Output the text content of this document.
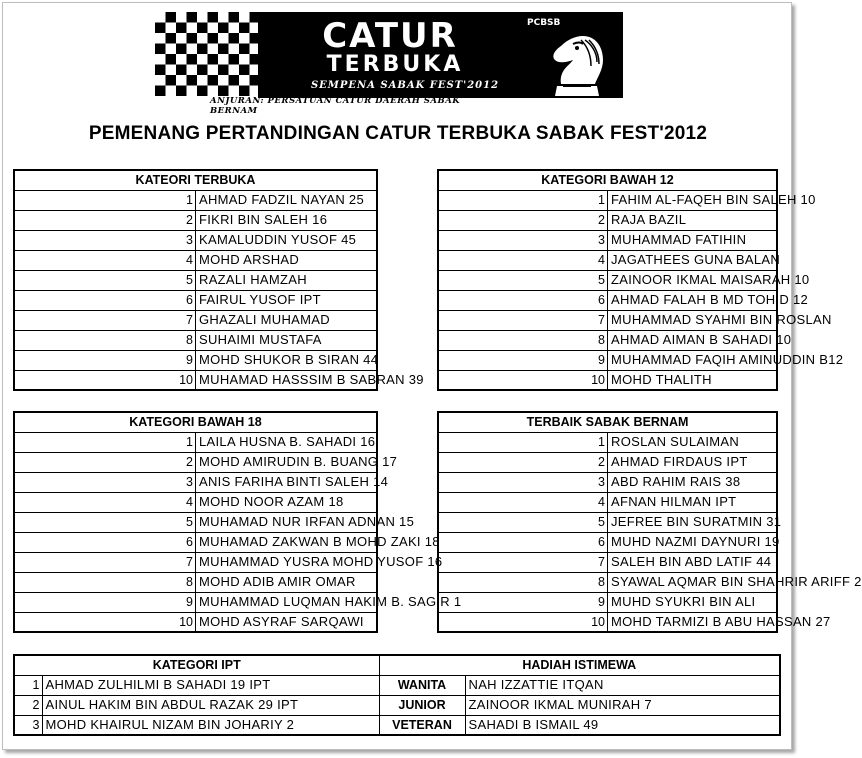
CATUR
TERBUKA
SEMPENA SABAK FEST'2012
PCBSB
ANJURAN: PERSATUAN CATUR DAERAH SABAK BERNAM
PEMENANG PERTANDINGAN CATUR TERBUKA SABAK FEST'2012
KATEORI TERBUKA	
1	AHMAD FADZIL NAYAN 25
2	FIKRI BIN SALEH 16
3	KAMALUDDIN YUSOF 45
4	MOHD ARSHAD
5	RAZALI HAMZAH
6	FAIRUL YUSOF IPT
7	GHAZALI MUHAMAD
8	SUHAIMI MUSTAFA
9	MOHD SHUKOR B SIRAN 44
10	MUHAMAD HASSSIM B SABRAN 39
KATEGORI BAWAH 12	
1	FAHIM AL-FAQEH BIN SALEH 10
2	RAJA BAZIL
3	MUHAMMAD FATIHIN
4	JAGATHEES GUNA BALAN
5	ZAINOOR IKMAL MAISARAH 10
6	AHMAD FALAH B MD TOHID 12
7	MUHAMMAD SYAHMI BIN ROSLAN
8	AHMAD AIMAN B SAHADI 10
9	MUHAMMAD FAQIH AMINUDDIN B12
10	MOHD THALITH
KATEGORI BAWAH 18	
1	LAILA HUSNA B. SAHADI 16
2	MOHD AMIRUDIN B. BUANG 17
3	ANIS FARIHA BINTI SALEH 14
4	MOHD NOOR AZAM 18
5	MUHAMAD NUR IRFAN ADNAN 15
6	MUHAMAD ZAKWAN B MOHD ZAKI 18
7	MUHAMMAD YUSRA MOHD YUSOF 16
8	MOHD ADIB AMIR OMAR
9	MUHAMMAD LUQMAN HAKIM B. SAGIR 1
10	MOHD ASYRAF SARQAWI
TERBAIK SABAK BERNAM	
1	ROSLAN SULAIMAN
2	AHMAD FIRDAUS IPT
3	ABD RAHIM RAIS 38
4	AFNAN HILMAN IPT
5	JEFREE BIN SURATMIN 31
6	MUHD NAZMI DAYNURI 19
7	SALEH BIN ABD LATIF 44
8	SYAWAL AQMAR BIN SHAHRIR ARIFF 2
9	MUHD SYUKRI BIN ALI
10	MOHD TARMIZI B ABU HASSAN 27
KATEGORI IPT		HADIAH ISTIMEWA	
1	AHMAD ZULHILMI B SAHADI 19 IPT	WANITA	NAH IZZATTIE ITQAN
2	AINUL HAKIM BIN ABDUL RAZAK 29 IPT	JUNIOR	ZAINOOR IKMAL MUNIRAH 7
3	MOHD KHAIRUL NIZAM BIN JOHARIY 2	VETERAN	SAHADI B ISMAIL 49
